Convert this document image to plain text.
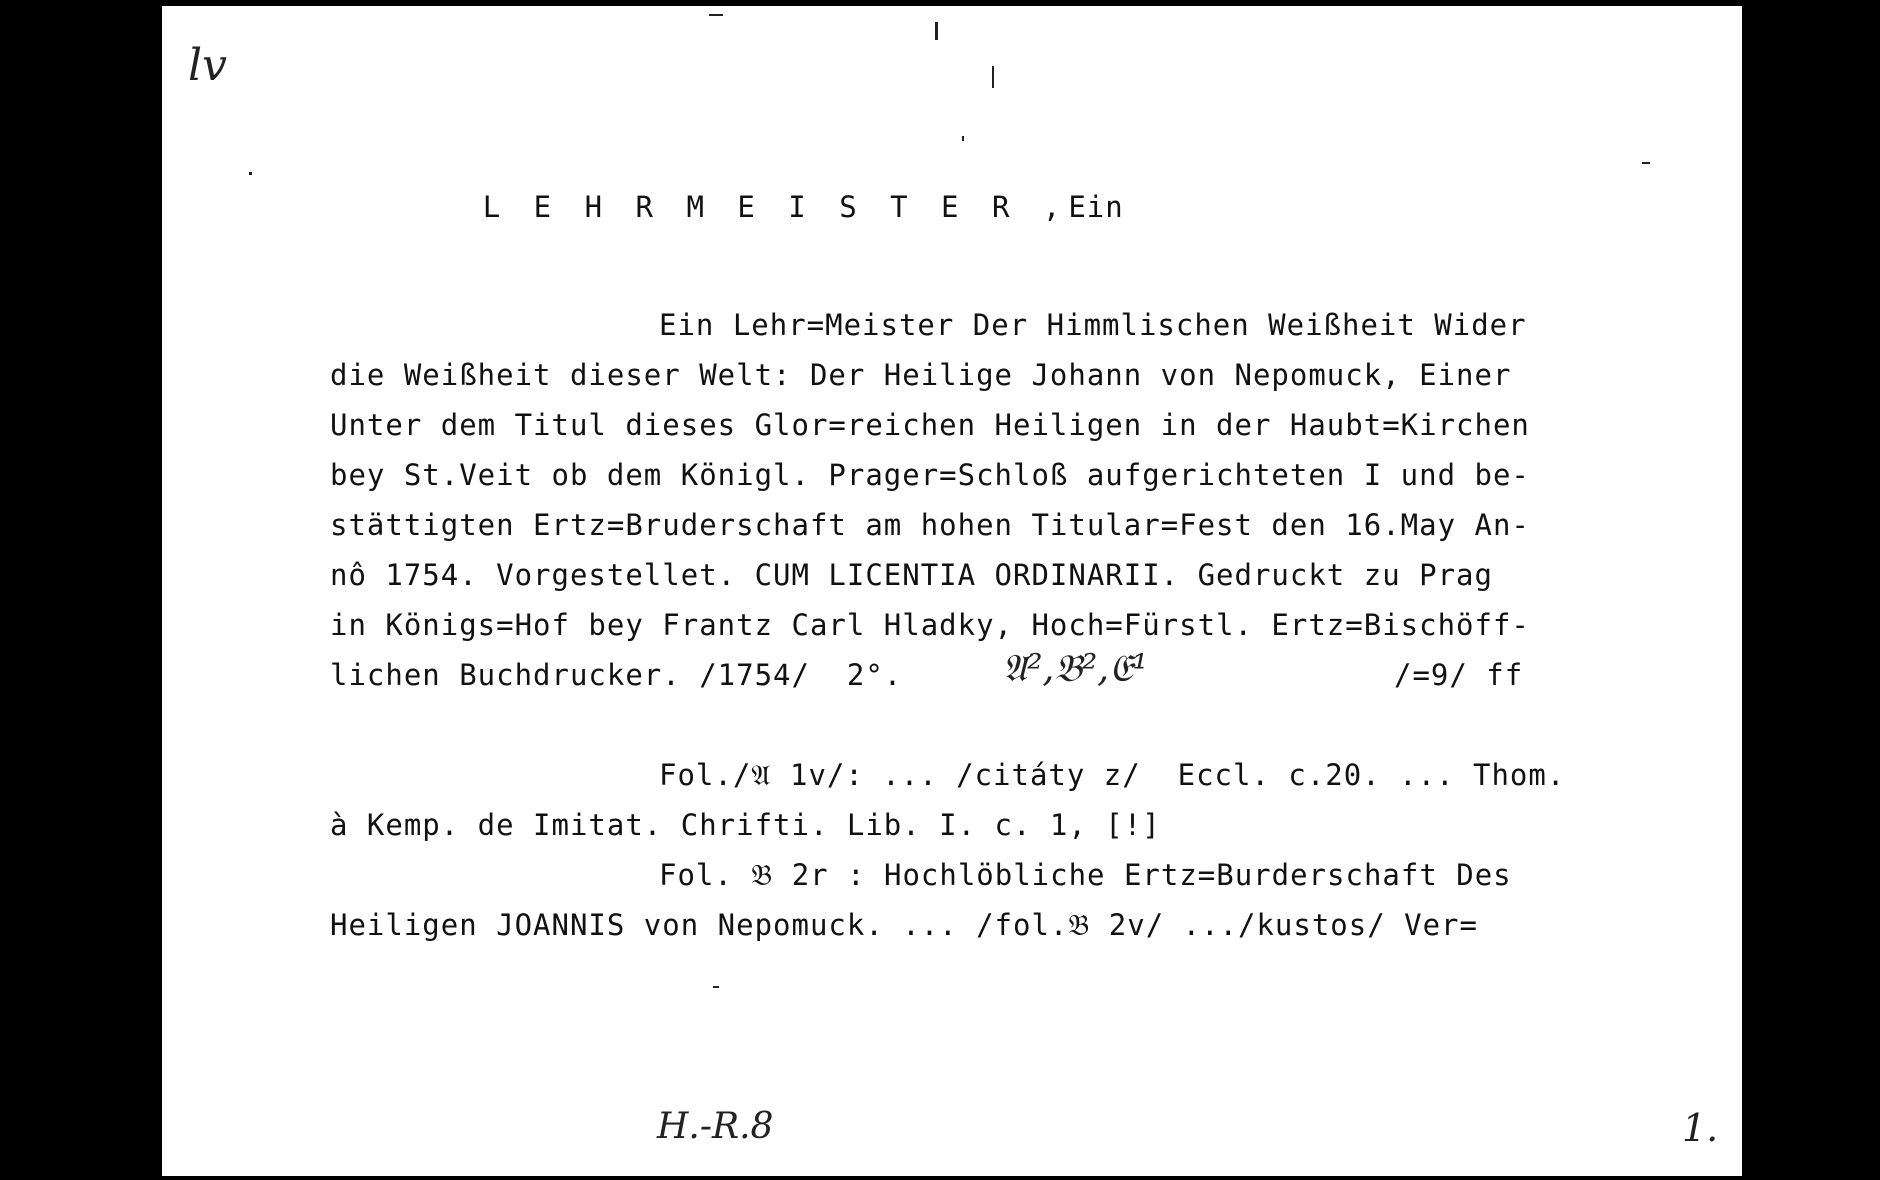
lv

L E H R M E I S T E R ,Ein

Ein Lehr=Meister Der Himmlischen Weißheit Wider
die Weißheit dieser Welt: Der Heilige Johann von Nepomuck, Einer
Unter dem Titul dieses Glor=reichen Heiligen in der Haubt=Kirchen
bey St.Veit ob dem Königl. Prager=Schloß aufgerichteten I und be-
stättigten Ertz=Bruderschaft am hohen Titular=Fest den 16.May An-
nô 1754. Vorgestellet. CUM LICENTIA ORDINARII. Gedruckt zu Prag
in Königs=Hof bey Frantz Carl Hladky, Hoch=Fürstl. Ertz=Bischöff-
lichen Buchdrucker. /1754/  2°.	𝔄²,𝔅²,𝔈¹	/=9/ ff
Fol./𝔄 1v/: ... /citáty z/  Eccl. c.20. ... Thom.
à Kemp. de Imitat. Chrifti. Lib. I. c. 1, [!]
Fol. 𝔅 2r : Hochlöbliche Ertz=Burderschaft Des
Heiligen JOANNIS von Nepomuck. ... /fol.𝔅 2v/ .../kustos/ Ver=
H.-R.8	1.
